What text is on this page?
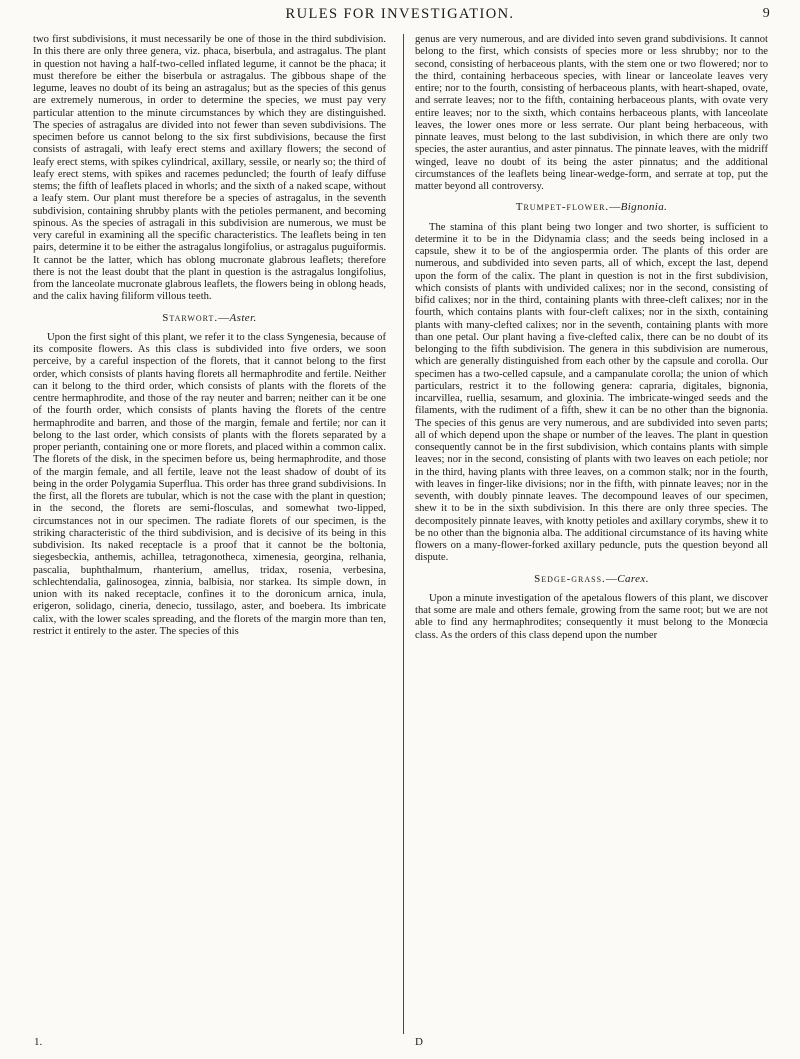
RULES FOR INVESTIGATION.	9

two first subdivisions, it must necessarily be one of those in the third subdivision. In this there are only three genera, viz. phaca, biserbula, and astragalus. The plant in question not having a half-two-celled inflated legume, it cannot be the phaca; it must therefore be either the biserbula or astragalus. The gibbous shape of the legume, leaves no doubt of its being an astragalus; but as the species of this genus are extremely numerous, in order to determine the species, we must pay very particular attention to the minute circumstances by which they are distinguished. The species of astragalus are divided into not fewer than seven subdivisions. The specimen before us cannot belong to the six first subdivisions, because the first consists of astragali, with leafy erect stems and axillary flowers; the second of leafy erect stems, with spikes cylindrical, axillary, sessile, or nearly so; the third of leafy erect stems, with spikes and racemes peduncled; the fourth of leafy diffuse stems; the fifth of leaflets placed in whorls; and the sixth of a naked scape, without a leafy stem. Our plant must therefore be a species of astragalus, in the seventh subdivision, containing shrubby plants with the petioles permanent, and becoming spinous. As the species of astragali in this subdivision are numerous, we must be very careful in examining all the specific characteristics. The leaflets being in ten pairs, determine it to be either the astragalus longifolius, or astragalus puguiformis. It cannot be the latter, which has oblong mucronate glabrous leaflets; therefore there is not the least doubt that the plant in question is the astragalus longifolius, from the lanceolate mucronate glabrous leaflets, the flowers being in oblong heads, and the calix having filiform villous teeth.

Starwort.—Aster.

Upon the first sight of this plant, we refer it to the class Syngenesia, because of its composite flowers. As this class is subdivided into five orders, we soon perceive, by a careful inspection of the florets, that it cannot belong to the first order, which consists of plants having florets all hermaphrodite and fertile. Neither can it belong to the third order, which consists of plants with the florets of the centre hermaphrodite, and those of the ray neuter and barren; neither can it be one of the fourth order, which consists of plants having the florets of the centre hermaphrodite and barren, and those of the margin, female and fertile; nor can it belong to the last order, which consists of plants with the florets separated by a proper perianth, containing one or more florets, and placed within a common calix. The florets of the disk, in the specimen before us, being hermaphrodite, and those of the margin female, and all fertile, leave not the least shadow of doubt of its being in the order Polygamia Superflua. This order has three grand subdivisions. In the first, all the florets are tubular, which is not the case with the plant in question; in the second, the florets are semi-flosculas, and somewhat two-lipped, circumstances not in our specimen. The radiate florets of our specimen, is the striking characteristic of the third subdivision, and is decisive of its being in this subdivision. Its naked receptacle is a proof that it cannot be the boltonia, siegesbeckia, anthemis, achillea, tetragonotheca, ximenesia, georgina, relhania, pascalia, buphthalmum, rhanterium, amellus, tridax, rosenia, verbesina, schlechtendalia, galinosogea, zinnia, balbisia, nor starkea. Its simple down, in union with its naked receptacle, confines it to the doronicum arnica, inula, erigeron, solidago, cineria, denecio, tussilago, aster, and boebera. Its imbricate calix, with the lower scales spreading, and the florets of the margin more than ten, restrict it entirely to the aster. The species of this

genus are very numerous, and are divided into seven grand subdivisions. It cannot belong to the first, which consists of species more or less shrubby; nor to the second, consisting of herbaceous plants, with the stem one or two flowered; nor to the third, containing herbaceous species, with linear or lanceolate leaves very entire; nor to the fourth, consisting of herbaceous plants, with heart-shaped, ovate, and serrate leaves; nor to the fifth, containing herbaceous plants, with ovate very entire leaves; nor to the sixth, which contains herbaceous plants, with lanceolate leaves, the lower ones more or less serrate. Our plant being herbaceous, with pinnate leaves, must belong to the last subdivision, in which there are only two species, the aster aurantius, and aster pinnatus. The pinnate leaves, with the midriff winged, leave no doubt of its being the aster pinnatus; and the additional circumstances of the leaflets being linear-wedge-form, and serrate at top, put the matter beyond all controversy.

Trumpet-flower.—Bignonia.

The stamina of this plant being two longer and two shorter, is sufficient to determine it to be in the Didynamia class; and the seeds being inclosed in a capsule, shew it to be of the angiospermia order. The plants of this order are numerous, and subdivided into seven parts, all of which, except the last, depend upon the form of the calix. The plant in question is not in the first subdivision, which consists of plants with undivided calixes; nor in the second, consisting of bifid calixes; nor in the third, containing plants with three-cleft calixes; nor in the fourth, which contains plants with four-cleft calixes; nor in the sixth, containing plants with many-clefted calixes; nor in the seventh, containing plants with more than one petal. Our plant having a five-clefted calix, there can be no doubt of its belonging to the fifth subdivision. The genera in this subdivision are numerous, which are generally distinguished from each other by the capsule and corolla. Our specimen has a two-celled capsule, and a campanulate corolla; the union of which particulars, restrict it to the following genera: capraria, digitales, bignonia, incarvillea, ruellia, sesamum, and gloxinia. The imbricate-winged seeds and the filaments, with the rudiment of a fifth, shew it can be no other than the bignonia. The species of this genus are very numerous, and are subdivided into seven parts; all of which depend upon the shape or number of the leaves. The plant in question consequently cannot be in the first subdivision, which contains plants with simple leaves; nor in the second, consisting of plants with two leaves on each petiole; nor in the third, having plants with three leaves, on a common stalk; nor in the fourth, with leaves in finger-like divisions; nor in the fifth, with pinnate leaves; nor in the seventh, with doubly pinnate leaves. The decompound leaves of our specimen, shew it to be in the sixth subdivision. In this there are only three species. The decompositely pinnate leaves, with knotty petioles and axillary corymbs, shew it to be no other than the bignonia alba. The additional circumstance of its having white flowers on a many-flower-forked axillary peduncle, puts the question beyond all dispute.

Sedge-grass.—Carex.

Upon a minute investigation of the apetalous flowers of this plant, we discover that some are male and others female, growing from the same root; but we are not able to find any hermaphrodites; consequently it must belong to the Monœcia class. As the orders of this class depend upon the number

1.	D
